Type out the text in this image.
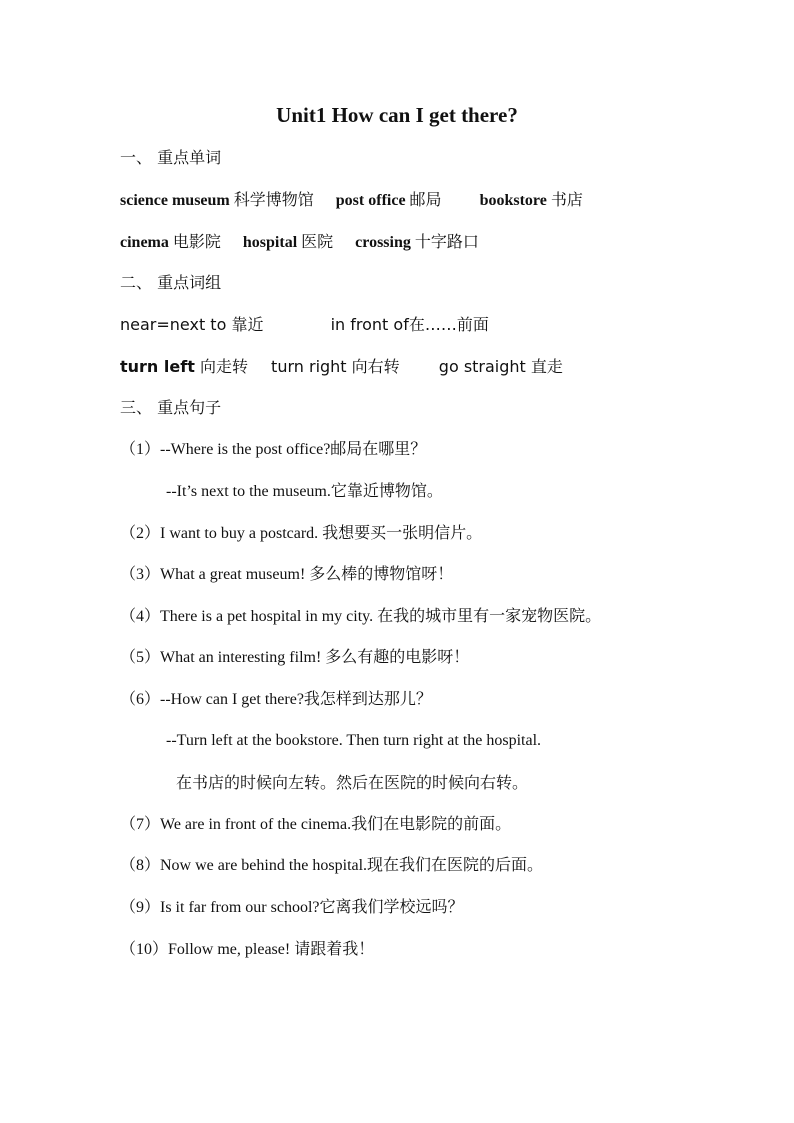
Unit1 How can I get there?
一、 重点单词
science museum 科学博物馆 post office 邮局 bookstore 书店
cinema 电影院 hospital 医院 crossing 十字路口
二、 重点词组
near=next to 靠近	in front of在……前面
turn left 向走转 turn right 向右转 go straight 直走
三、 重点句子
（1）--Where is the post office?邮局在哪里？
--It’s next to the museum.它靠近博物馆。
（2）I want to buy a postcard. 我想要买一张明信片。
（3）What a great museum! 多么棒的博物馆呀！
（4）There is a pet hospital in my city. 在我的城市里有一家宠物医院。
（5）What an interesting film! 多么有趣的电影呀！
（6）--How can I get there?我怎样到达那儿？
--Turn left at the bookstore. Then turn right at the hospital.
在书店的时候向左转。然后在医院的时候向右转。
（7）We are in front of the cinema.我们在电影院的前面。
（8）Now we are behind the hospital.现在我们在医院的后面。
（9）Is it far from our school?它离我们学校远吗？
（10）Follow me, please! 请跟着我！
